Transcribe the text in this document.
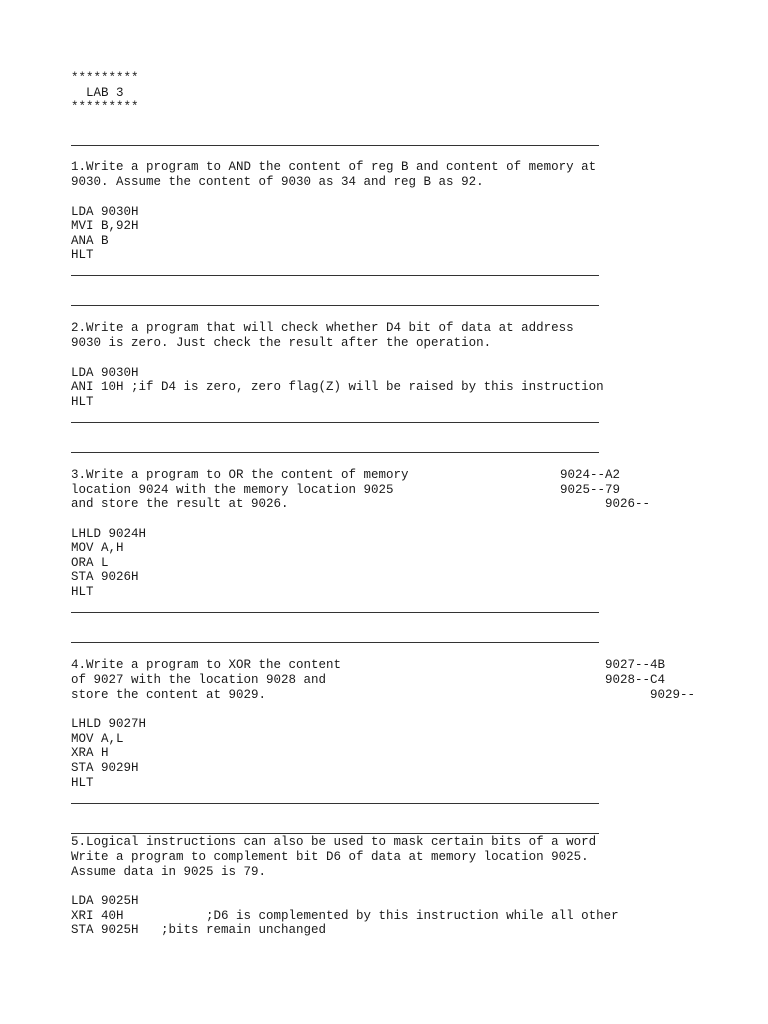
*********
LAB 3
*********
1.Write a program to AND the content of reg B and content of memory at
9030. Assume the content of 9030 as 34 and reg B as 92.
LDA 9030H
MVI B,92H
ANA B
HLT
2.Write a program that will check whether D4 bit of data at address
9030 is zero. Just check the result after the operation.
LDA 9030H
ANI 10H ;if D4 is zero, zero flag(Z) will be raised by this instruction
HLT
3.Write a program to OR the content of memory
location 9024 with the memory location 9025
and store the result at 9026.
9024--A2
9025--79
9026--
LHLD 9024H
MOV A,H
ORA L
STA 9026H
HLT
4.Write a program to XOR the content
of 9027 with the location 9028 and
store the content at 9029.
9027--4B
9028--C4
9029--
LHLD 9027H
MOV A,L
XRA H
STA 9029H
HLT
5.Logical instructions can also be used to mask certain bits of a word
Write a program to complement bit D6 of data at memory location 9025.
Assume data in 9025 is 79.
LDA 9025H
XRI 40H           ;D6 is complemented by this instruction while all other
STA 9025H   ;bits remain unchanged
